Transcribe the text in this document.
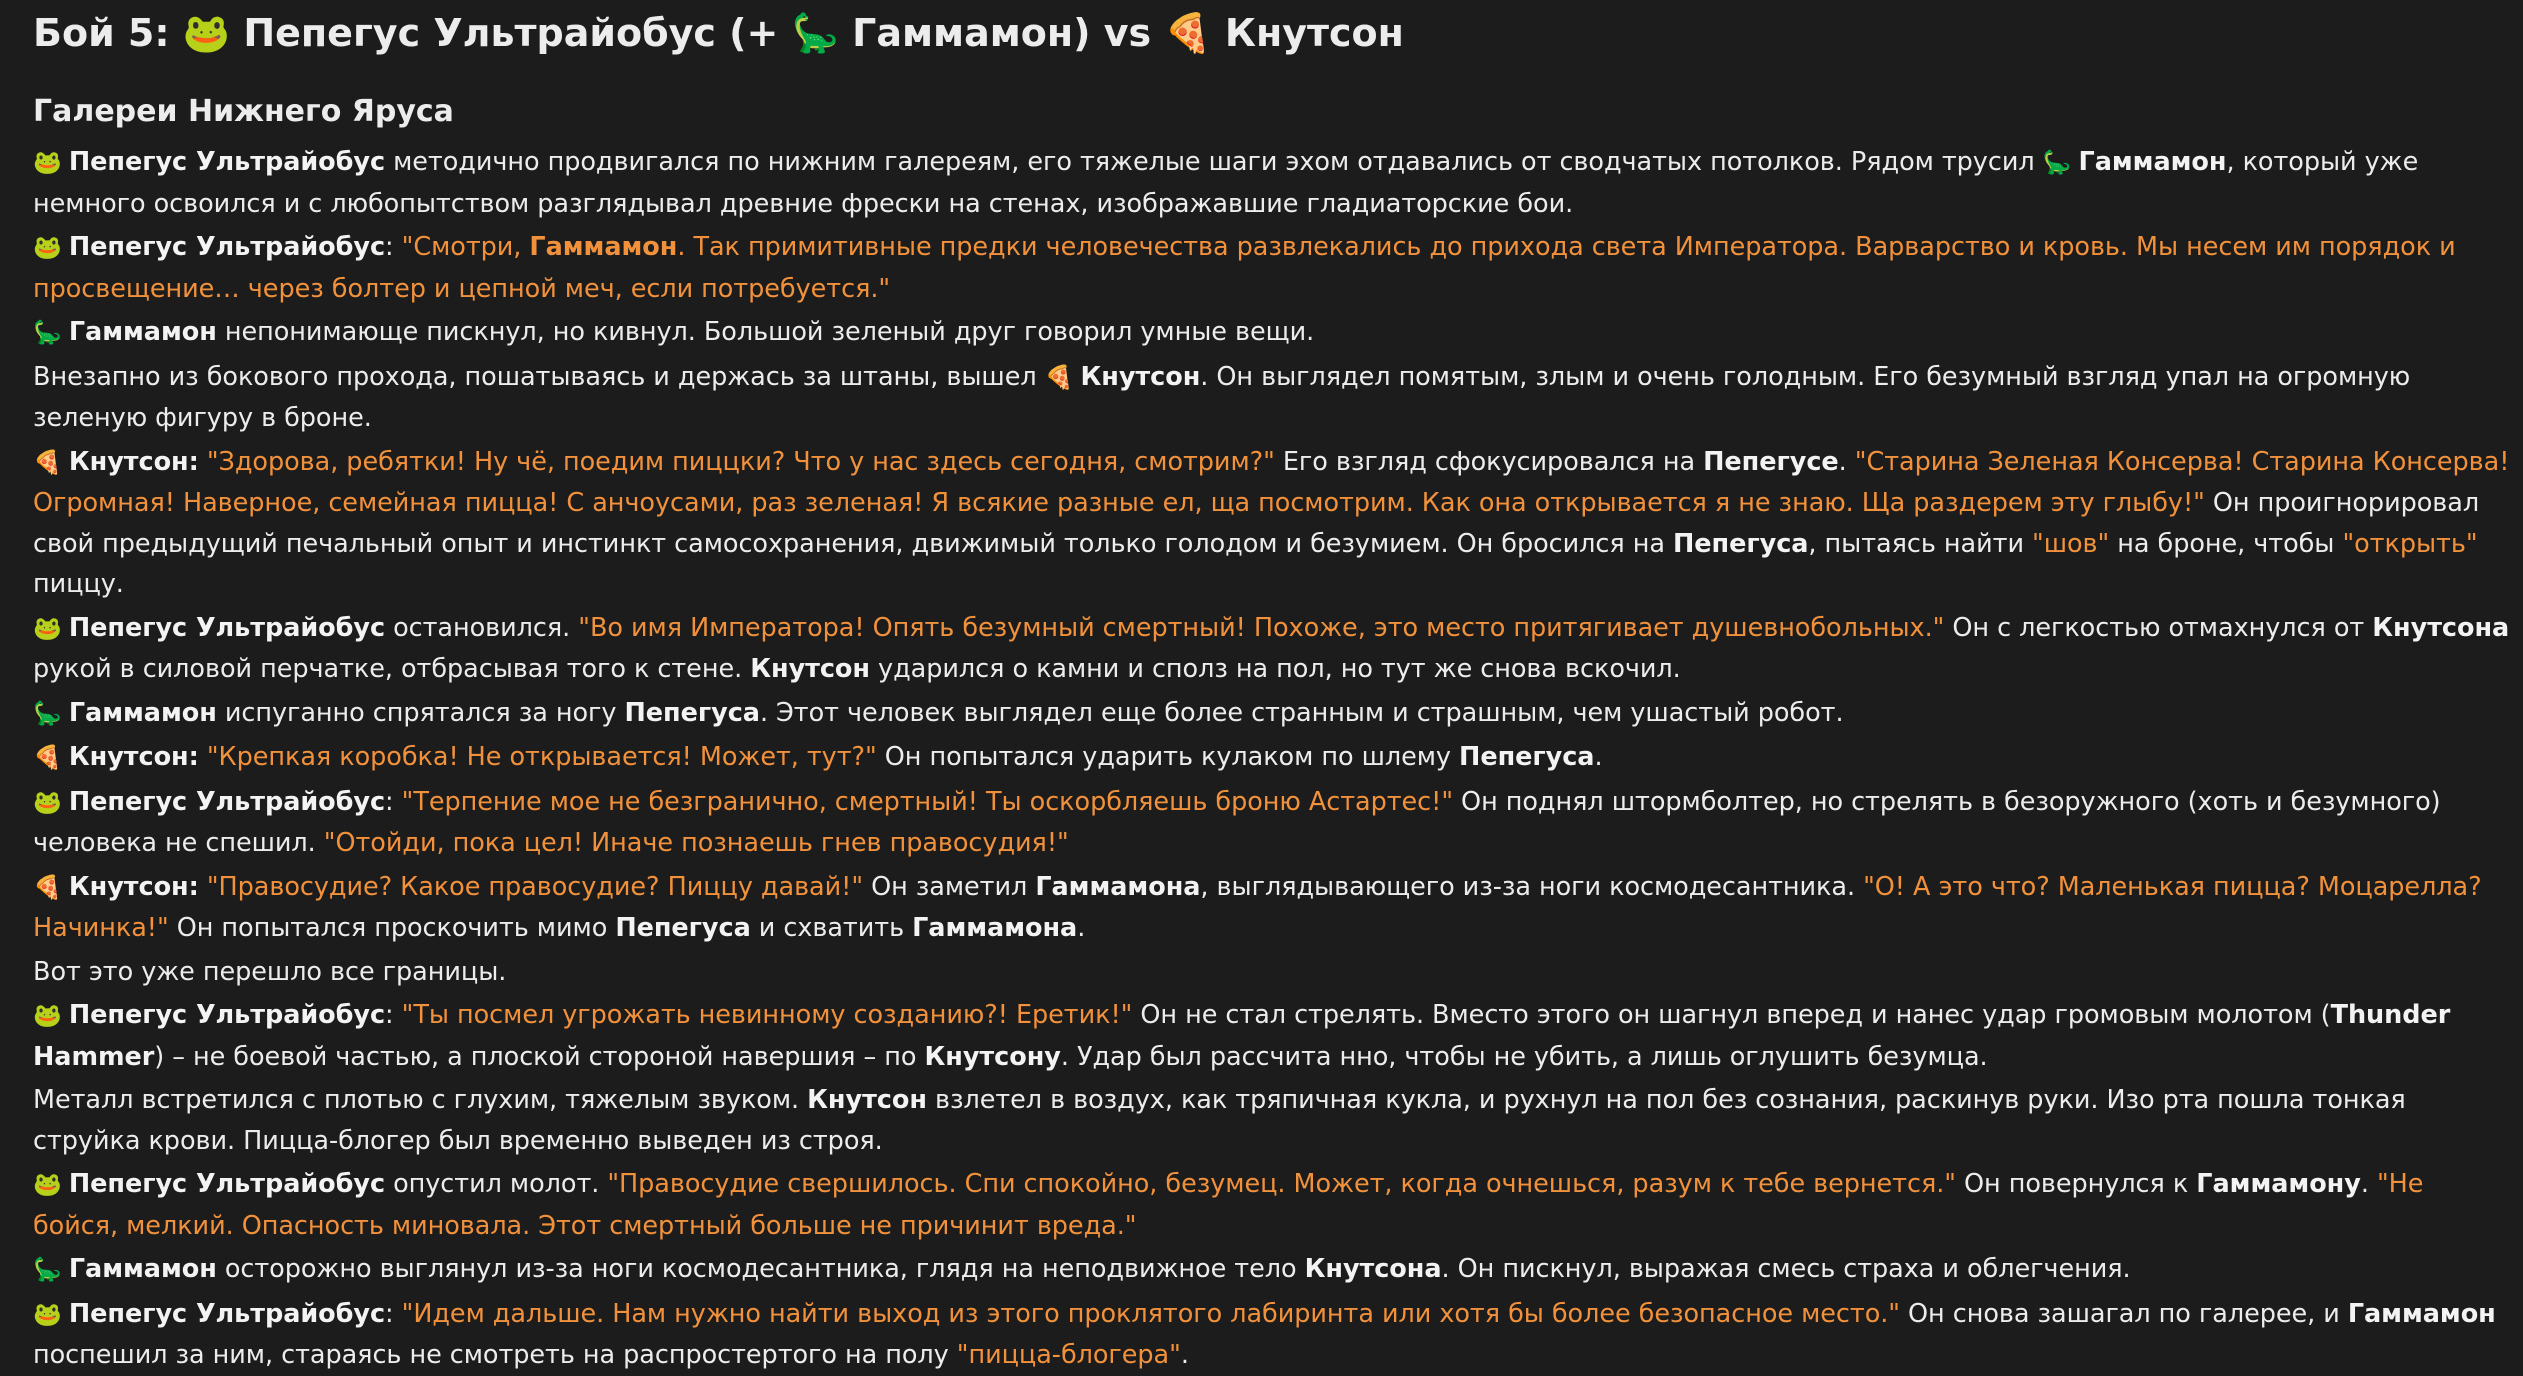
Бой 5: 🐸 Пепегус Ультрайобус (+ 🦕 Гаммамон) vs 🍕 Кнутсон
Галереи Нижнего Яруса
🐸 Пепегус Ультрайобус методично продвигался по нижним галереям, его тяжелые шаги эхом отдавались от сводчатых потолков. Рядом трусил 🦕 Гаммамон, который уже немного освоился и с любопытством разглядывал древние фрески на стенах, изображавшие гладиаторские бои.
🐸 Пепегус Ультрайобус: "Смотри, Гаммамон. Так примитивные предки человечества развлекались до прихода света Императора. Варварство и кровь. Мы несем им порядок и просвещение… через болтер и цепной меч, если потребуется."
🦕 Гаммамон непонимающе пискнул, но кивнул. Большой зеленый друг говорил умные вещи.
Внезапно из бокового прохода, пошатываясь и держась за штаны, вышел 🍕 Кнутсон. Он выглядел помятым, злым и очень голодным. Его безумный взгляд упал на огромную зеленую фигуру в броне.
🍕 Кнутсон: "Здорова, ребятки! Ну чё, поедим пиццки? Что у нас здесь сегодня, смотрим?" Его взгляд сфокусировался на Пепегусе. "Старина Зеленая Консерва! Старина Консерва! Огромная! Наверное, семейная пицца! С анчоусами, раз зеленая! Я всякие разные ел, ща посмотрим. Как она открывается я не знаю. Ща раздерем эту глыбу!" Он проигнорировал свой предыдущий печальный опыт и инстинкт самосохранения, движимый только голодом и безумием. Он бросился на Пепегуса, пытаясь найти "шов" на броне, чтобы "открыть" пиццу.
🐸 Пепегус Ультрайобус остановился. "Во имя Императора! Опять безумный смертный! Похоже, это место притягивает душевнобольных." Он с легкостью отмахнулся от Кнутсона рукой в силовой перчатке, отбрасывая того к стене. Кнутсон ударился о камни и сполз на пол, но тут же снова вскочил.
🦕 Гаммамон испуганно спрятался за ногу Пепегуса. Этот человек выглядел еще более странным и страшным, чем ушастый робот.
🍕 Кнутсон: "Крепкая коробка! Не открывается! Может, тут?" Он попытался ударить кулаком по шлему Пепегуса.
🐸 Пепегус Ультрайобус: "Терпение мое не безгранично, смертный! Ты оскорбляешь броню Астартес!" Он поднял штормболтер, но стрелять в безоружного (хоть и безумного) человека не спешил. "Отойди, пока цел! Иначе познаешь гнев правосудия!"
🍕 Кнутсон: "Правосудие? Какое правосудие? Пиццу давай!" Он заметил Гаммамона, выглядывающего из-за ноги космодесантника. "О! А это что? Маленькая пицца? Моцарелла? Начинка!" Он попытался проскочить мимо Пепегуса и схватить Гаммамона.
Вот это уже перешло все границы.
🐸 Пепегус Ультрайобус: "Ты посмел угрожать невинному созданию?! Еретик!" Он не стал стрелять. Вместо этого он шагнул вперед и нанес удар громовым молотом (Thunder Hammer) – не боевой частью, а плоской стороной навершия – по Кнутсону. Удар был рассчита нно, чтобы не убить, а лишь оглушить безумца.
Металл встретился с плотью с глухим, тяжелым звуком. Кнутсон взлетел в воздух, как тряпичная кукла, и рухнул на пол без сознания, раскинув руки. Изо рта пошла тонкая струйка крови. Пицца-блогер был временно выведен из строя.
🐸 Пепегус Ультрайобус опустил молот. "Правосудие свершилось. Спи спокойно, безумец. Может, когда очнешься, разум к тебе вернется." Он повернулся к Гаммамону. "Не бойся, мелкий. Опасность миновала. Этот смертный больше не причинит вреда."
🦕 Гаммамон осторожно выглянул из-за ноги космодесантника, глядя на неподвижное тело Кнутсона. Он пискнул, выражая смесь страха и облегчения.
🐸 Пепегус Ультрайобус: "Идем дальше. Нам нужно найти выход из этого проклятого лабиринта или хотя бы более безопасное место." Он снова зашагал по галерее, и Гаммамон поспешил за ним, стараясь не смотреть на распростертого на полу "пицца-блогера".
